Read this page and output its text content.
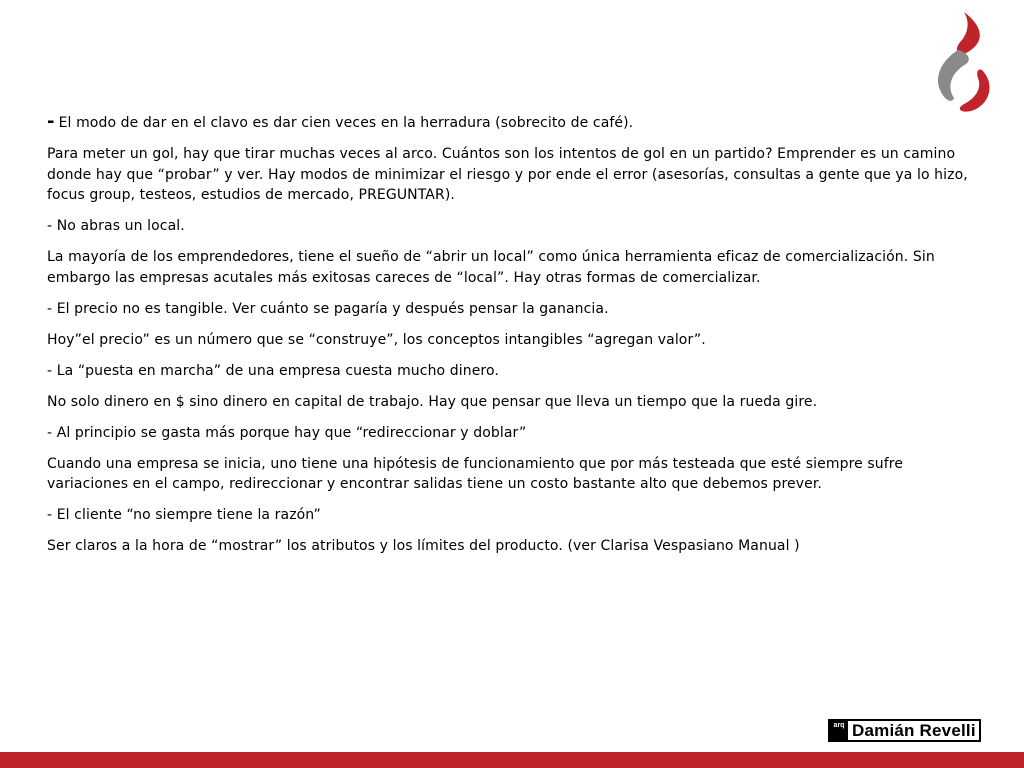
- El modo de dar en el clavo es dar cien veces en la herradura (sobrecito de café).

Para meter un gol, hay que tirar muchas veces al arco. Cuántos son los intentos de gol en un partido? Emprender es un camino donde hay que “probar” y ver. Hay modos de minimizar el riesgo y por ende el error (asesorías, consultas a gente que ya lo hizo, focus group, testeos, estudios de mercado, PREGUNTAR).

- No abras un local.

La mayoría de los emprendedores, tiene el sueño de “abrir un local” como única herramienta eficaz de comercialización. Sin embargo las empresas acutales más exitosas careces de “local”. Hay otras formas de comercializar.

- El precio no es tangible. Ver cuánto se pagaría y después pensar la ganancia.

Hoy”el precio” es un número que se “construye”, los conceptos intangibles “agregan valor”.

- La “puesta en marcha” de una empresa cuesta mucho dinero.

No solo dinero en $ sino dinero en capital de trabajo. Hay que pensar que lleva un tiempo que la rueda gire.

- Al principio se gasta más porque hay que “redireccionar y doblar”

Cuando una empresa se inicia, uno tiene una hipótesis de funcionamiento que por más testeada que esté siempre sufre variaciones en el campo, redireccionar y encontrar salidas tiene un costo bastante alto que debemos prever.

- El cliente “no siempre tiene la razón”

Ser claros a la hora de “mostrar” los atributos y los límites del producto. (ver Clarisa Vespasiano Manual )

arq Damián Revelli
